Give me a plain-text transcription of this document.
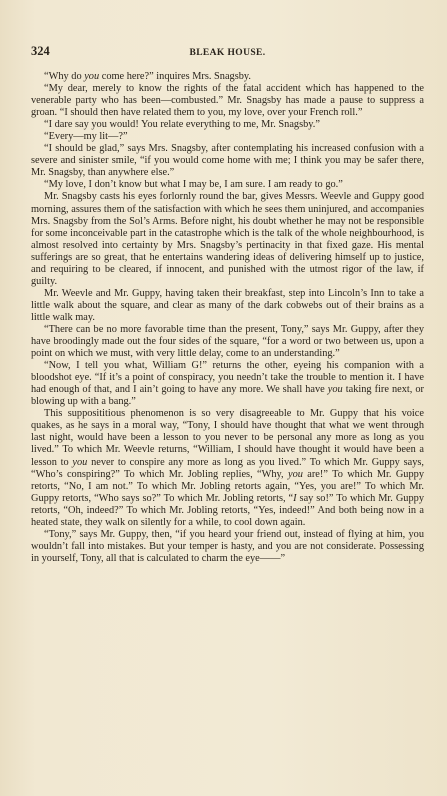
324	BLEAK HOUSE.

“Why do you come here?” inquires Mrs. Snagsby.

“My dear, merely to know the rights of the fatal accident which has happened to the venerable party who has been—combusted.” Mr. Snagsby has made a pause to suppress a groan. “I should then have related them to you, my love, over your French roll.”

“I dare say you would! You relate everything to me, Mr. Snagsby.”

“Every—my lit—?”

“I should be glad,” says Mrs. Snagsby, after contemplating his increased confusion with a severe and sinister smile, “if you would come home with me; I think you may be safer there, Mr. Snagsby, than anywhere else.”

“My love, I don’t know but what I may be, I am sure. I am ready to go.”

Mr. Snagsby casts his eyes forlornly round the bar, gives Messrs. Weevle and Guppy good morning, assures them of the satisfaction with which he sees them uninjured, and accompanies Mrs. Snagsby from the Sol’s Arms. Before night, his doubt whether he may not be responsible for some inconceivable part in the catastrophe which is the talk of the whole neighbourhood, is almost resolved into certainty by Mrs. Snagsby’s pertinacity in that fixed gaze. His mental sufferings are so great, that he entertains wandering ideas of delivering himself up to justice, and requiring to be cleared, if innocent, and punished with the utmost rigor of the law, if guilty.

Mr. Weevle and Mr. Guppy, having taken their breakfast, step into Lincoln’s Inn to take a little walk about the square, and clear as many of the dark cobwebs out of their brains as a little walk may.

“There can be no more favorable time than the present, Tony,” says Mr. Guppy, after they have broodingly made out the four sides of the square, “for a word or two between us, upon a point on which we must, with very little delay, come to an understanding.”

“Now, I tell you what, William G!” returns the other, eyeing his companion with a bloodshot eye. “If it’s a point of conspiracy, you needn’t take the trouble to mention it. I have had enough of that, and I ain’t going to have any more. We shall have you taking fire next, or blowing up with a bang.”

This supposititious phenomenon is so very disagreeable to Mr. Guppy that his voice quakes, as he says in a moral way, “Tony, I should have thought that what we went through last night, would have been a lesson to you never to be personal any more as long as you lived.” To which Mr. Weevle returns, “William, I should have thought it would have been a lesson to you never to conspire any more as long as you lived.” To which Mr. Guppy says, “Who’s conspiring?” To which Mr. Jobling replies, “Why, you are!” To which Mr. Guppy retorts, “No, I am not.” To which Mr. Jobling retorts again, “Yes, you are!” To which Mr. Guppy retorts, “Who says so?” To which Mr. Jobling retorts, “I say so!” To which Mr. Guppy retorts, “Oh, indeed?” To which Mr. Jobling retorts, “Yes, indeed!” And both being now in a heated state, they walk on silently for a while, to cool down again.

“Tony,” says Mr. Guppy, then, “if you heard your friend out, instead of flying at him, you wouldn’t fall into mistakes. But your temper is hasty, and you are not considerate. Possessing in yourself, Tony, all that is calculated to charm the eye——”
